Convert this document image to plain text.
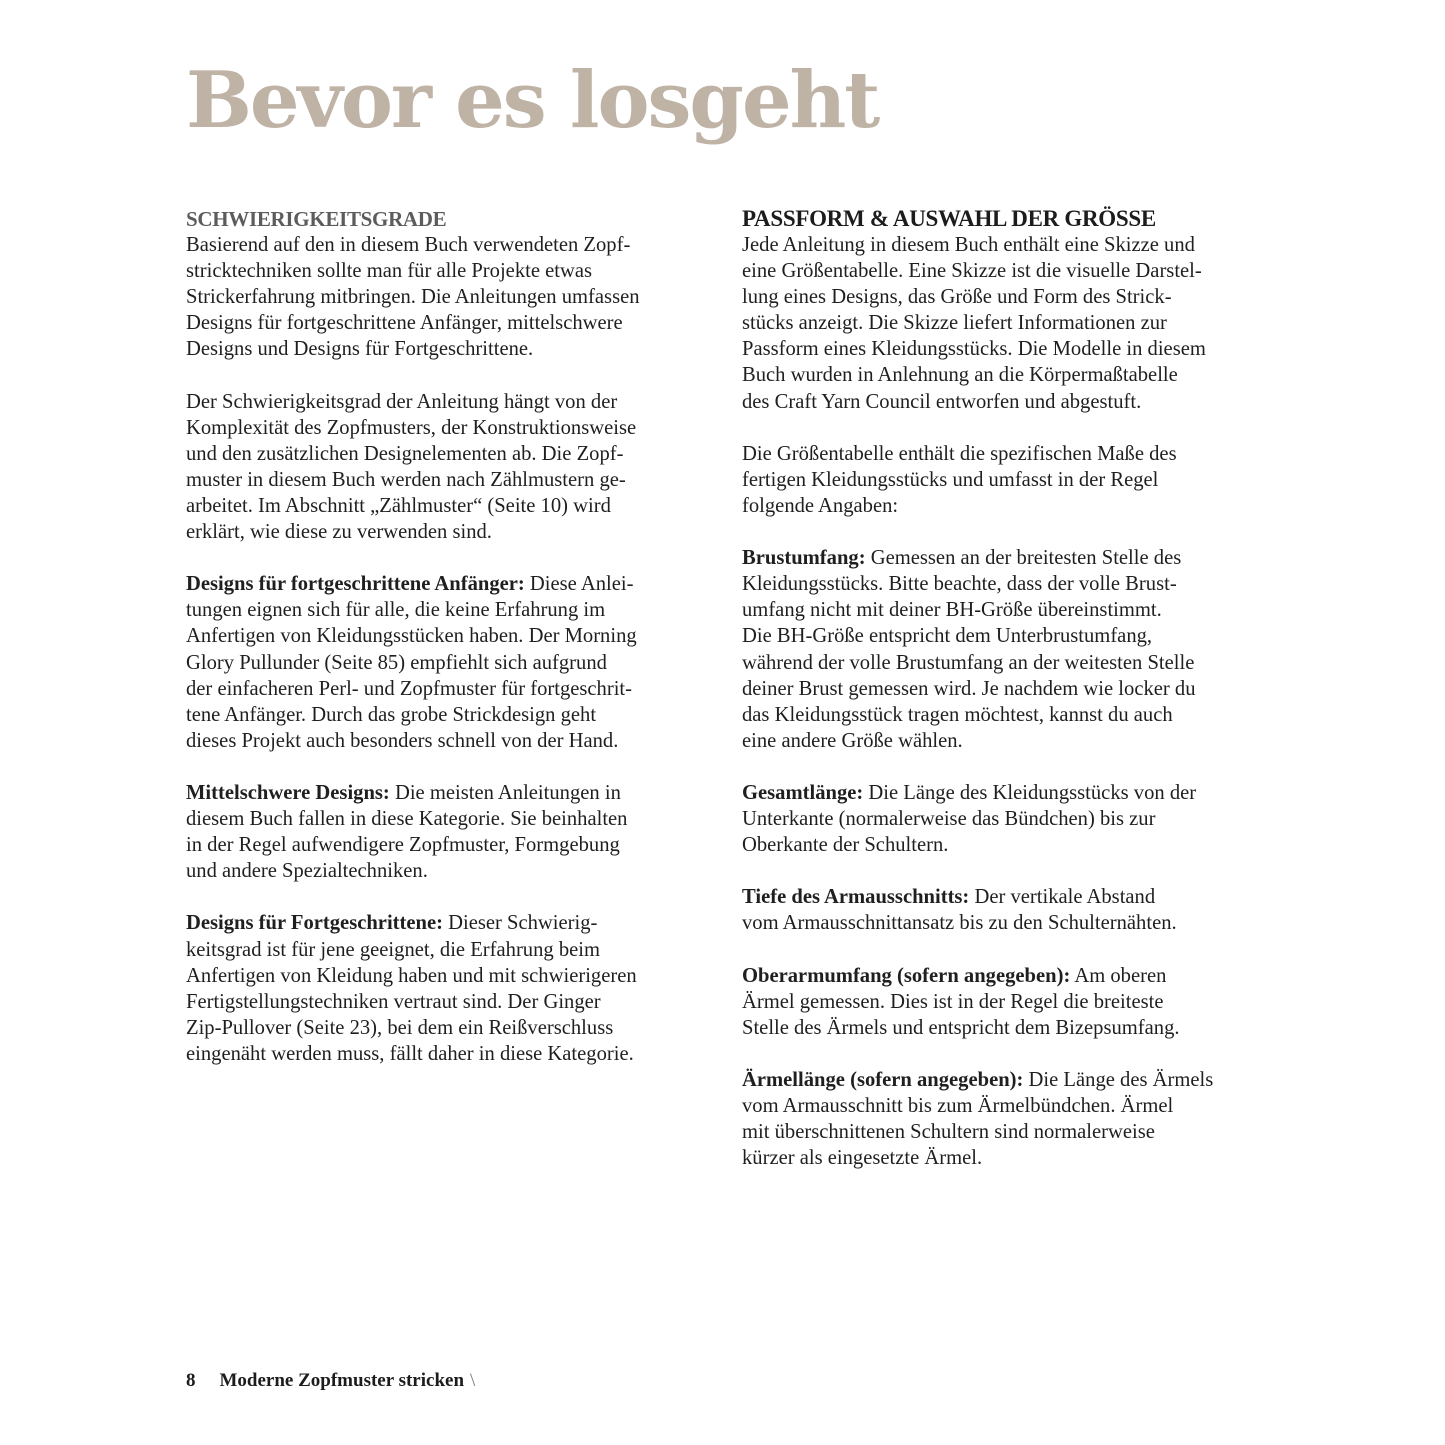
Bevor es losgeht
SCHWIERIGKEITSGRADE
Basierend auf den in diesem Buch verwendeten Zopf-
stricktechniken sollte man für alle Projekte etwas
Strickerfahrung mitbringen. Die Anleitungen umfassen
Designs für fortgeschrittene Anfänger, mittelschwere
Designs und Designs für Fortgeschrittene.
Der Schwierigkeitsgrad der Anleitung hängt von der
Komplexität des Zopfmusters, der Konstruktionsweise
und den zusätzlichen Designelementen ab. Die Zopf-
muster in diesem Buch werden nach Zählmustern ge-
arbeitet. Im Abschnitt „Zählmuster“ (Seite 10) wird
erklärt, wie diese zu verwenden sind.
Designs für fortgeschrittene Anfänger: Diese Anlei-
tungen eignen sich für alle, die keine Erfahrung im
Anfertigen von Kleidungsstücken haben. Der Morning
Glory Pullunder (Seite 85) empfiehlt sich aufgrund
der einfacheren Perl- und Zopfmuster für fortgeschrit-
tene Anfänger. Durch das grobe Strickdesign geht
dieses Projekt auch besonders schnell von der Hand.
Mittelschwere Designs: Die meisten Anleitungen in
diesem Buch fallen in diese Kategorie. Sie beinhalten
in der Regel aufwendigere Zopfmuster, Formgebung
und andere Spezialtechniken.
Designs für Fortgeschrittene: Dieser Schwierig-
keitsgrad ist für jene geeignet, die Erfahrung beim
Anfertigen von Kleidung haben und mit schwierigeren
Fertigstellungstechniken vertraut sind. Der Ginger
Zip-Pullover (Seite 23), bei dem ein Reißverschluss
eingenäht werden muss, fällt daher in diese Kategorie.
PASSFORM & AUSWAHL DER GRÖSSE
Jede Anleitung in diesem Buch enthält eine Skizze und
eine Größentabelle. Eine Skizze ist die visuelle Darstel-
lung eines Designs, das Größe und Form des Strick-
stücks anzeigt. Die Skizze liefert Informationen zur
Passform eines Kleidungsstücks. Die Modelle in diesem
Buch wurden in Anlehnung an die Körpermaßtabelle
des Craft Yarn Council entworfen und abgestuft.
Die Größentabelle enthält die spezifischen Maße des
fertigen Kleidungsstücks und umfasst in der Regel
folgende Angaben:
Brustumfang: Gemessen an der breitesten Stelle des
Kleidungsstücks. Bitte beachte, dass der volle Brust-
umfang nicht mit deiner BH-Größe übereinstimmt.
Die BH-Größe entspricht dem Unterbrustumfang,
während der volle Brustumfang an der weitesten Stelle
deiner Brust gemessen wird. Je nachdem wie locker du
das Kleidungsstück tragen möchtest, kannst du auch
eine andere Größe wählen.
Gesamtlänge: Die Länge des Kleidungsstücks von der
Unterkante (normalerweise das Bündchen) bis zur
Oberkante der Schultern.
Tiefe des Armausschnitts: Der vertikale Abstand
vom Armausschnittansatz bis zu den Schulternähten.
Oberarmumfang (sofern angegeben): Am oberen
Ärmel gemessen. Dies ist in der Regel die breiteste
Stelle des Ärmels und entspricht dem Bizepsumfang.
Ärmellänge (sofern angegeben): Die Länge des Ärmels
vom Armausschnitt bis zum Ärmelbündchen. Ärmel
mit überschnittenen Schultern sind normalerweise
kürzer als eingesetzte Ärmel.
8 Moderne Zopfmuster stricken \
